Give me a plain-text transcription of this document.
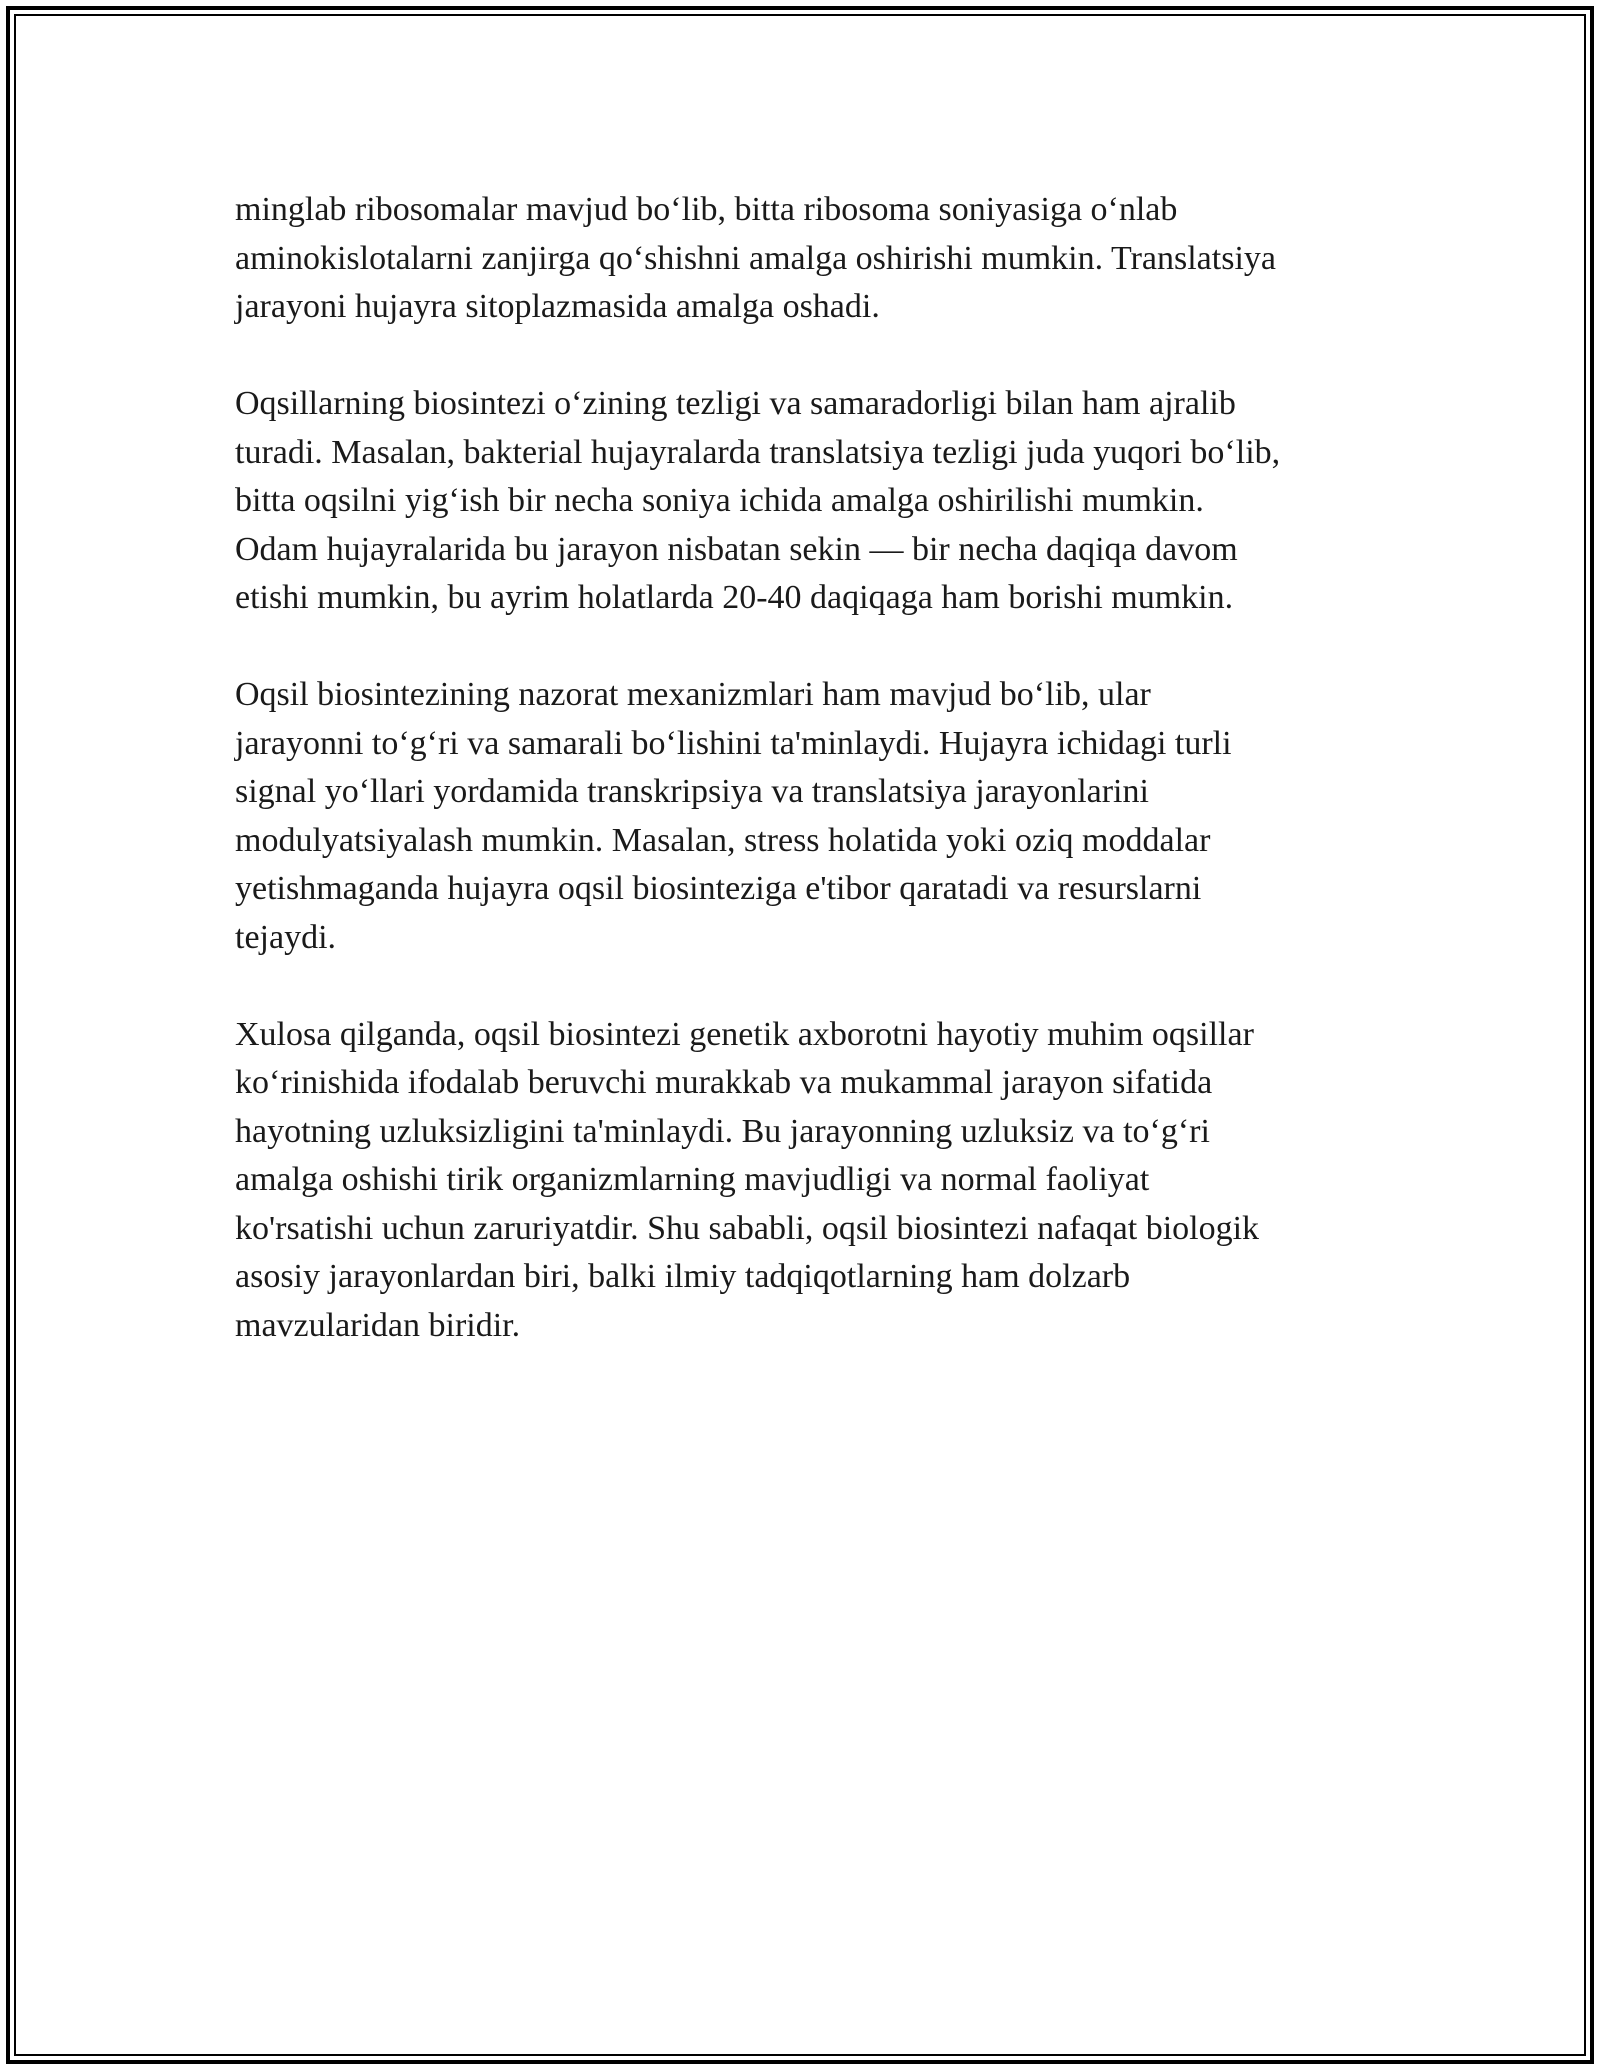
minglab ribosomalar mavjud bo‘lib, bitta ribosoma soniyasiga o‘nlab
aminokislotalarni zanjirga qo‘shishni amalga oshirishi mumkin. Translatsiya
jarayoni hujayra sitoplazmasida amalga oshadi.

Oqsillarning biosintezi o‘zining tezligi va samaradorligi bilan ham ajralib
turadi. Masalan, bakterial hujayralarda translatsiya tezligi juda yuqori bo‘lib,
bitta oqsilni yig‘ish bir necha soniya ichida amalga oshirilishi mumkin.
Odam hujayralarida bu jarayon nisbatan sekin — bir necha daqiqa davom
etishi mumkin, bu ayrim holatlarda 20-40 daqiqaga ham borishi mumkin.

Oqsil biosintezining nazorat mexanizmlari ham mavjud bo‘lib, ular
jarayonni to‘g‘ri va samarali bo‘lishini ta'minlaydi. Hujayra ichidagi turli
signal yo‘llari yordamida transkripsiya va translatsiya jarayonlarini
modulyatsiyalash mumkin. Masalan, stress holatida yoki oziq moddalar
yetishmaganda hujayra oqsil biosinteziga e'tibor qaratadi va resurslarni
tejaydi.

Xulosa qilganda, oqsil biosintezi genetik axborotni hayotiy muhim oqsillar
ko‘rinishida ifodalab beruvchi murakkab va mukammal jarayon sifatida
hayotning uzluksizligini ta'minlaydi. Bu jarayonning uzluksiz va to‘g‘ri
amalga oshishi tirik organizmlarning mavjudligi va normal faoliyat
ko'rsatishi uchun zaruriyatdir. Shu sababli, oqsil biosintezi nafaqat biologik
asosiy jarayonlardan biri, balki ilmiy tadqiqotlarning ham dolzarb
mavzularidan biridir.
